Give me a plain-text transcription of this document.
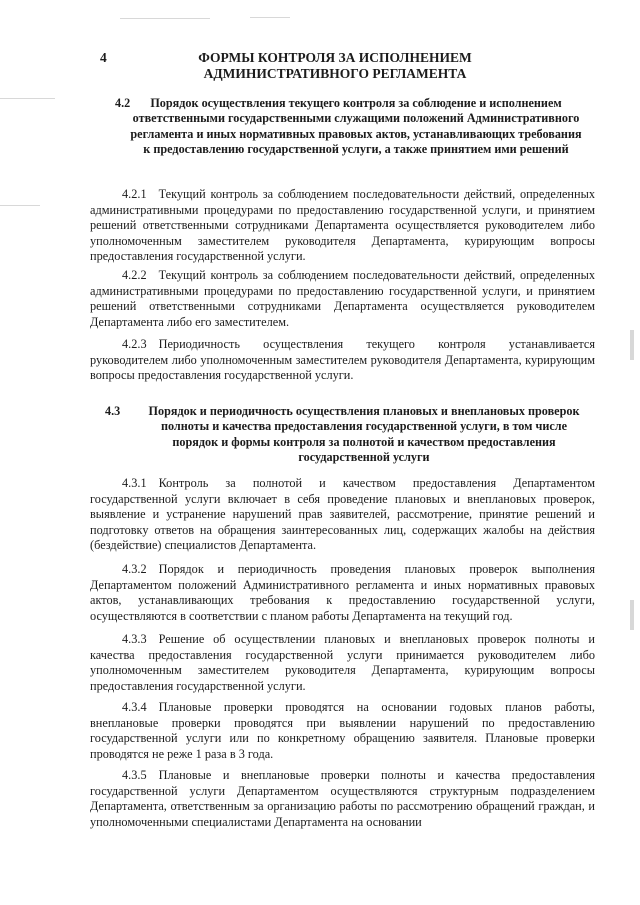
4	ФОРМЫ КОНТРОЛЯ ЗА ИСПОЛНЕНИЕМ АДМИНИСТРАТИВНОГО РЕГЛАМЕНТА
4.2	Порядок осуществления текущего контроля за соблюдение и исполнением ответственными государственными служащими положений Административного регламента и иных нормативных правовых актов, устанавливающих требования к предоставлению государственной услуги, а также принятием ими решений
4.2.1 Текущий контроль за соблюдением последовательности действий, определенных административными процедурами по предоставлению государственной услуги, и принятием решений ответственными сотрудниками Департамента осуществляется руководителем либо уполномоченным заместителем руководителя Департамента, курирующим вопросы предоставления государственной услуги.
4.2.2 Текущий контроль за соблюдением последовательности действий, определенных административными процедурами по предоставлению государственной услуги, и принятием решений ответственными сотрудниками Департамента осуществляется руководителем Департамента либо его заместителем.
4.2.3 Периодичность осуществления текущего контроля устанавливается руководителем либо уполномоченным заместителем руководителя Департамента, курирующим вопросы предоставления государственной услуги.
4.3	Порядок и периодичность осуществления плановых и внеплановых проверок полноты и качества предоставления государственной услуги, в том числе порядок и формы контроля за полнотой и качеством предоставления государственной услуги
4.3.1 Контроль за полнотой и качеством предоставления Департаментом государственной услуги включает в себя проведение плановых и внеплановых проверок, выявление и устранение нарушений прав заявителей, рассмотрение, принятие решений и подготовку ответов на обращения заинтересованных лиц, содержащих жалобы на действия (бездействие) специалистов Департамента.
4.3.2 Порядок и периодичность проведения плановых проверок выполнения Департаментом положений Административного регламента и иных нормативных правовых актов, устанавливающих требования к предоставлению государственной услуги, осуществляются в соответствии с планом работы Департамента на текущий год.
4.3.3 Решение об осуществлении плановых и внеплановых проверок полноты и качества предоставления государственной услуги принимается руководителем либо уполномоченным заместителем руководителя Департамента, курирующим вопросы предоставления государственной услуги.
4.3.4 Плановые проверки проводятся на основании годовых планов работы, внеплановые проверки проводятся при выявлении нарушений по предоставлению государственной услуги или по конкретному обращению заявителя. Плановые проверки проводятся не реже 1 раза в 3 года.
4.3.5 Плановые и внеплановые проверки полноты и качества предоставления государственной услуги Департаментом осуществляются структурным подразделением Департамента, ответственным за организацию работы по рассмотрению обращений граждан, и уполномоченными специалистами Департамента на основании
